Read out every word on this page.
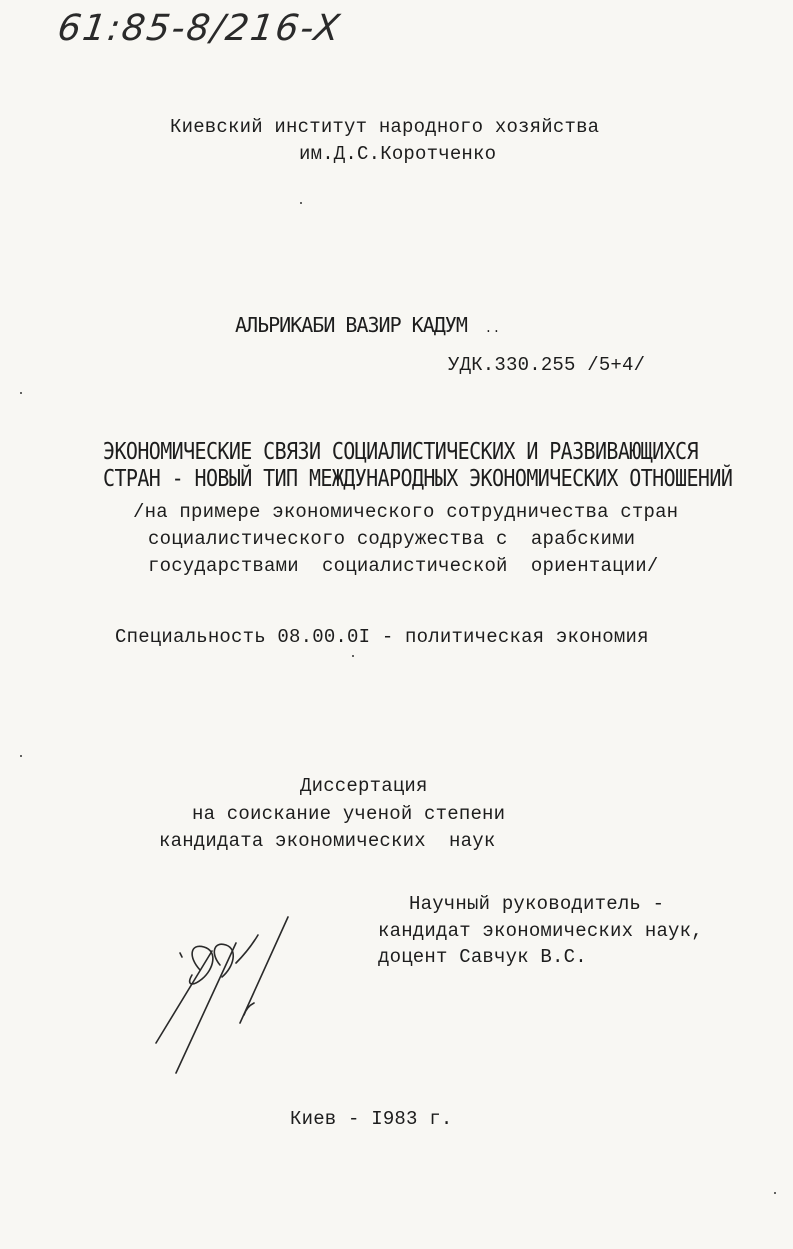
61:85-8/216-X
Киевский институт народного хозяйства
им.Д.С.Коротченко
АЛЬРИКАБИ ВАЗИР КАДУМ ..
УДК.330.255 /5+4/
ЭКОНОМИЧЕСКИЕ СВЯЗИ СОЦИАЛИСТИЧЕСКИХ И РАЗВИВАЮЩИХСЯ
СТРАН - НОВЫЙ ТИП МЕЖДУНАРОДНЫХ ЭКОНОМИЧЕСКИХ ОТНОШЕНИЙ
/на примере экономического сотрудничества стран
социалистического содружества с  арабскими
государствами  социалистической  ориентации/
Специальность 08.00.0I - политическая экономия
Диссертация
на соискание ученой степени
кандидата экономических  наук
Научный руководитель -
кандидат экономических наук,
доцент Савчук В.С.
Киев - I983 г.
